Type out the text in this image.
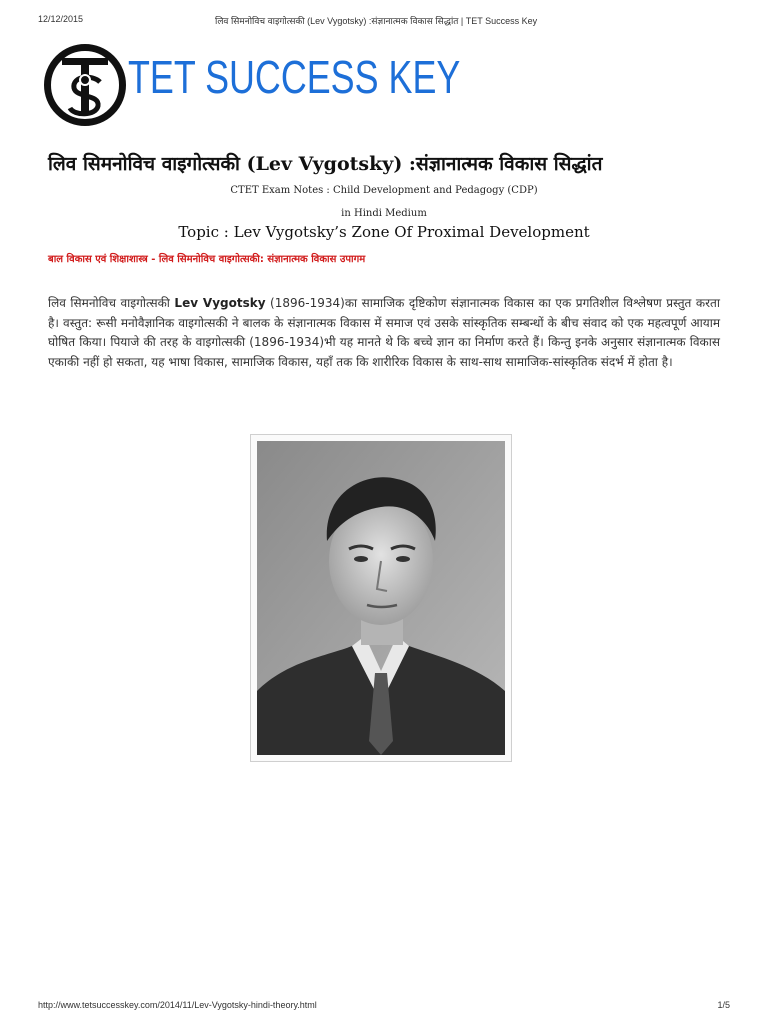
12/12/2015	लिव सिमनोविच वाइगोत्सकी (Lev Vygotsky) :संज्ञानात्मक विकास सिद्धांत | TET Success Key
TET SUCCESS KEY
लिव सिमनोविच वाइगोत्सकी (Lev Vygotsky) :संज्ञानात्मक विकास सिद्धांत
CTET Exam Notes : Child Development and Pedagogy (CDP)
in Hindi Medium
Topic : Lev Vygotsky’s Zone Of Proximal Development
बाल विकास एवं शिक्षाशास्त्र - लिव सिमनोविच वाइगोत्सकी: संज्ञानात्मक विकास उपागम
लिव सिमनोविच वाइगोत्सकी Lev Vygotsky (1896-1934)का सामाजिक दृष्टिकोण संज्ञानात्मक विकास का एक प्रगतिशील विश्लेषण प्रस्तुत करता है। वस्तुत: रूसी मनोवैज्ञानिक वाइगोत्सकी ने बालक के संज्ञानात्मक विकास में समाज एवं उसके सांस्कृतिक सम्बन्धों के बीच संवाद को एक महत्वपूर्ण आयाम घोषित किया। पियाजे की तरह के वाइगोत्सकी (1896-1934)भी यह मानते थे कि बच्चे ज्ञान का निर्माण करते हैं। किन्तु इनके अनुसार संज्ञानात्मक विकास एकाकी नहीं हो सकता, यह भाषा विकास, सामाजिक विकास, यहाँ तक कि शारीरिक विकास के साथ-साथ सामाजिक-सांस्कृतिक संदर्भ में होता है।
http://www.tetsuccesskey.com/2014/11/Lev-Vygotsky-hindi-theory.html	1/5
